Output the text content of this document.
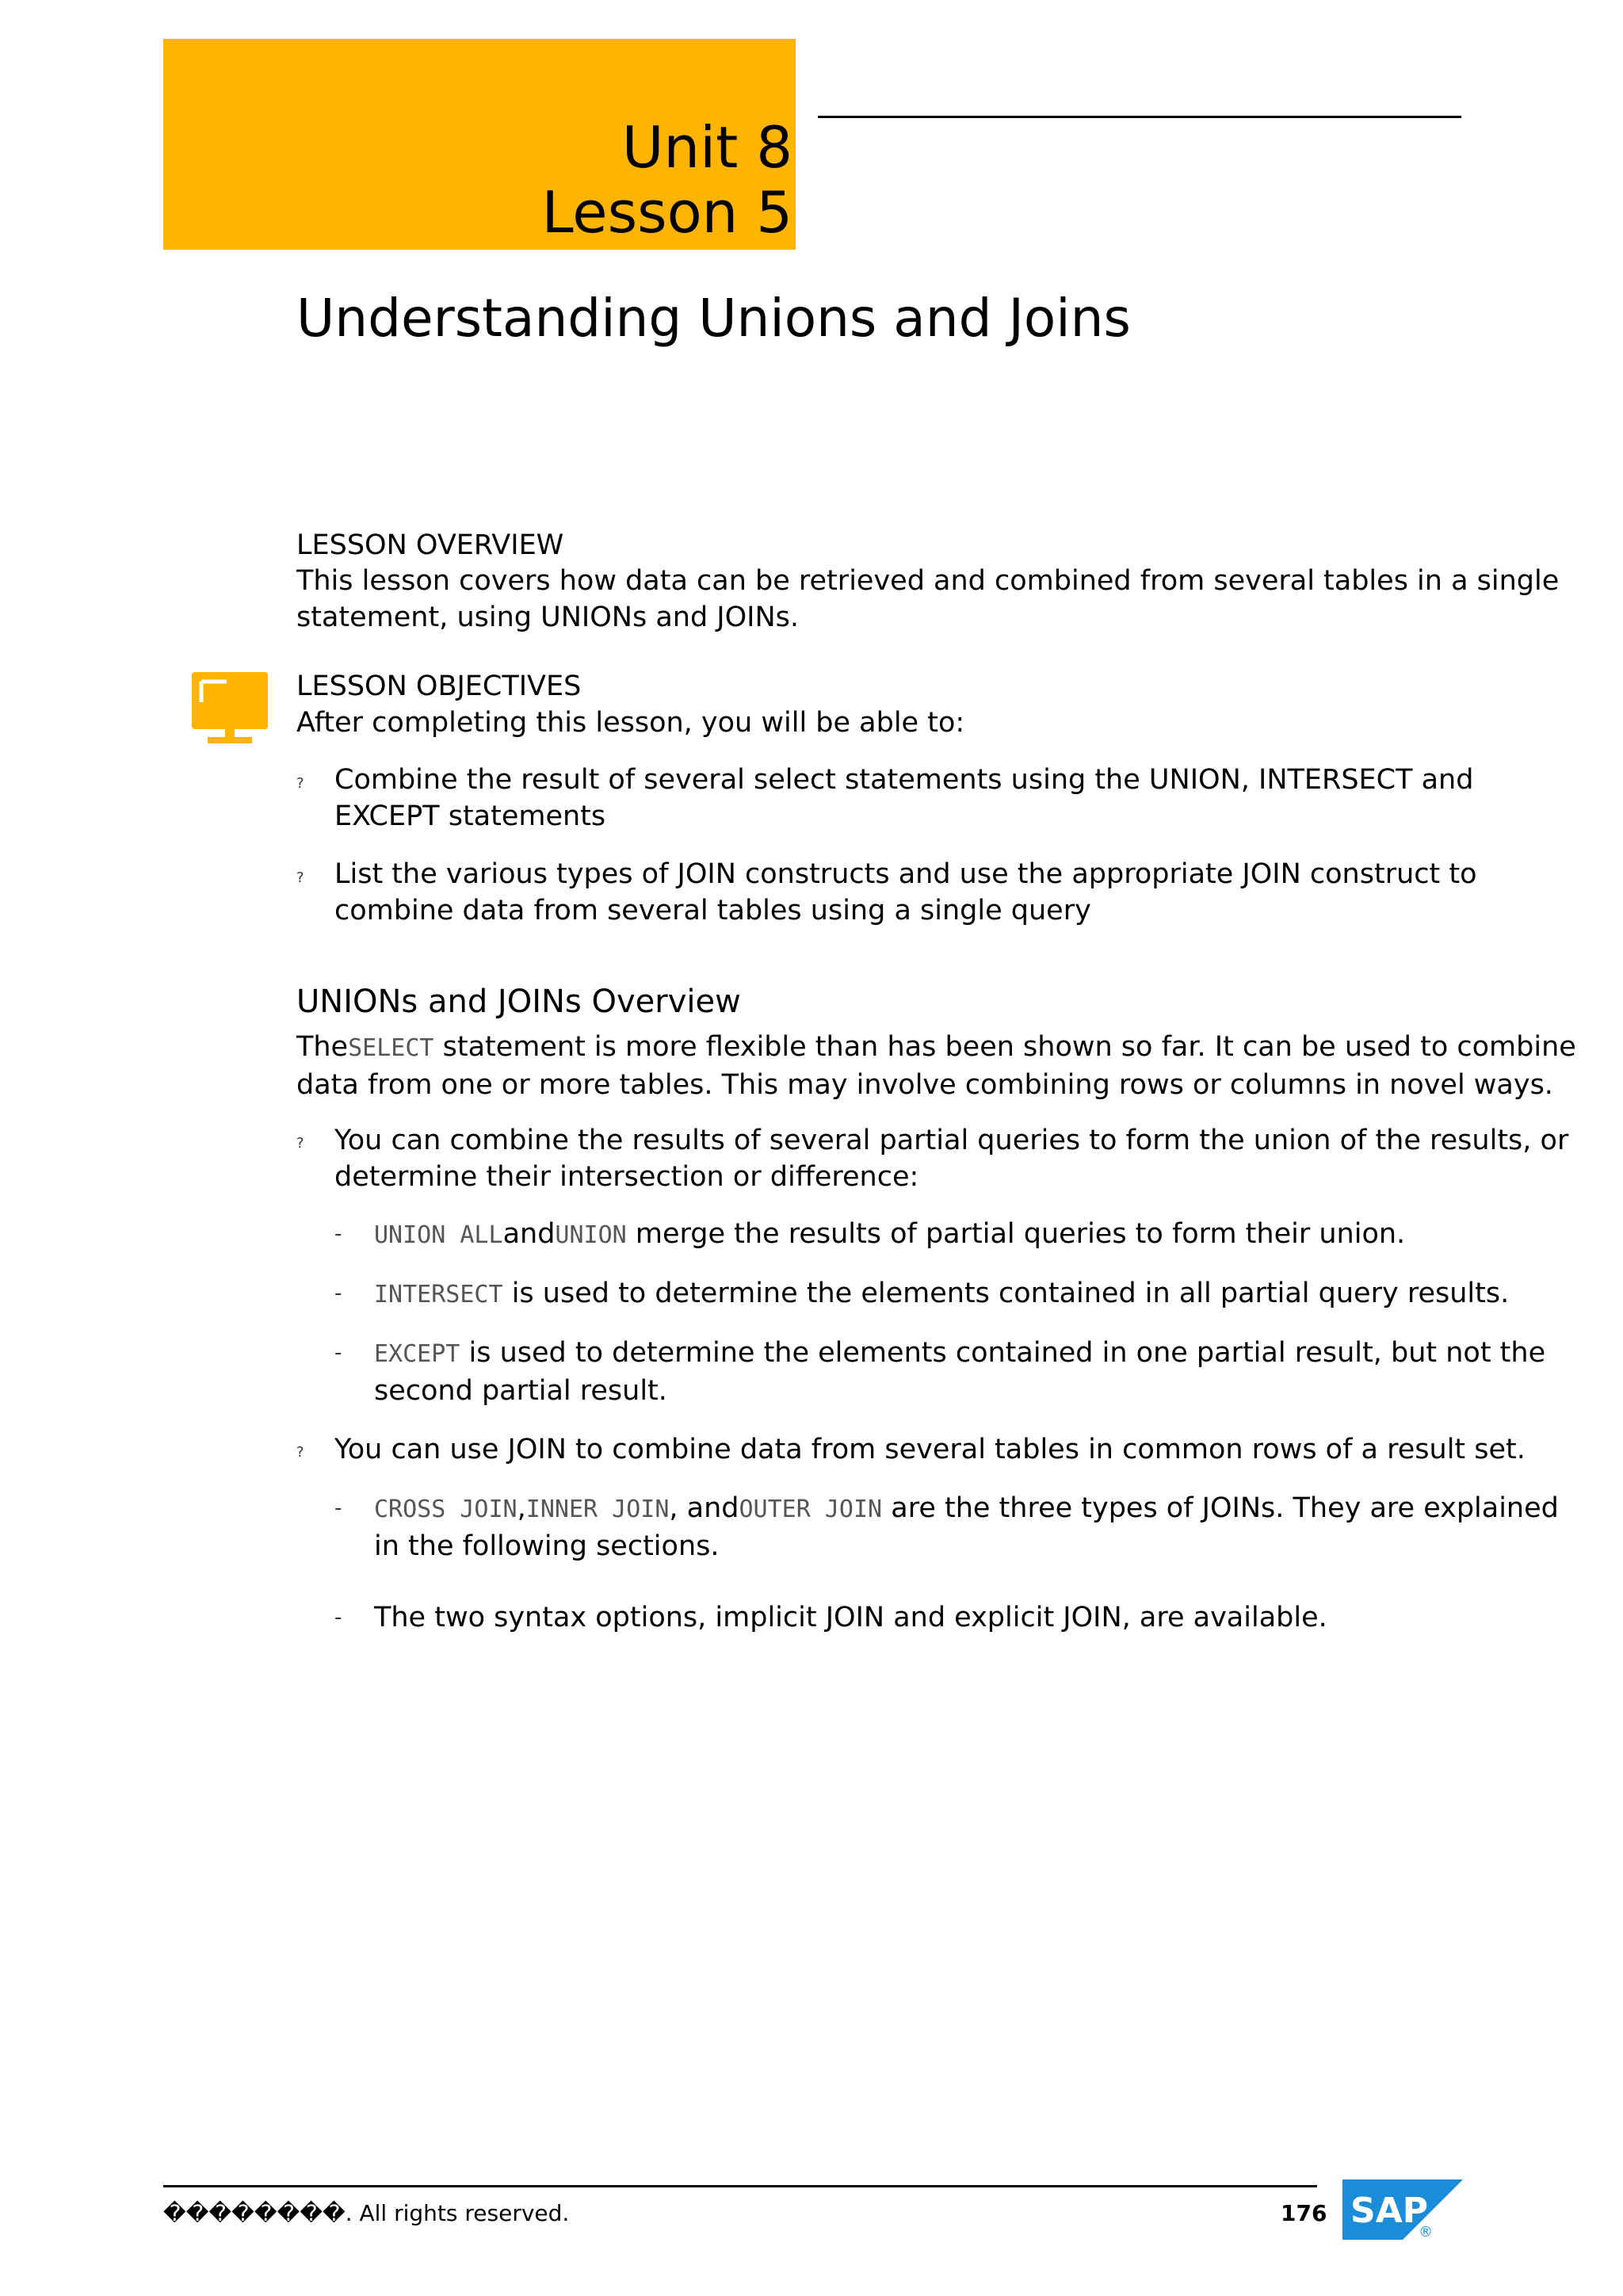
Unit 8
Lesson 5
Understanding Unions and Joins
LESSON OVERVIEW
This lesson covers how data can be retrieved and combined from several tables in a single statement, using UNIONs and JOINs.
LESSON OBJECTIVES
After completing this lesson, you will be able to:
? Combine the result of several select statements using the UNION, INTERSECT and EXCEPT statements
? List the various types of JOIN constructs and use the appropriate JOIN construct to combine data from several tables using a single query
UNIONs and JOINs Overview
TheSELECT statement is more flexible than has been shown so far. It can be used to combine data from one or more tables. This may involve combining rows or columns in novel ways.
? You can combine the results of several partial queries to form the union of the results, or determine their intersection or difference:
- UNION ALLandUNION merge the results of partial queries to form their union.
- INTERSECT is used to determine the elements contained in all partial query results.
- EXCEPT is used to determine the elements contained in one partial result, but not the second partial result.
? You can use JOIN to combine data from several tables in common rows of a result set.
- CROSS JOIN,INNER JOIN, andOUTER JOIN are the three types of JOINs. They are explained in the following sections.
- The two syntax options, implicit JOIN and explicit JOIN, are available.
��������. All rights reserved.	176 SAP
®
